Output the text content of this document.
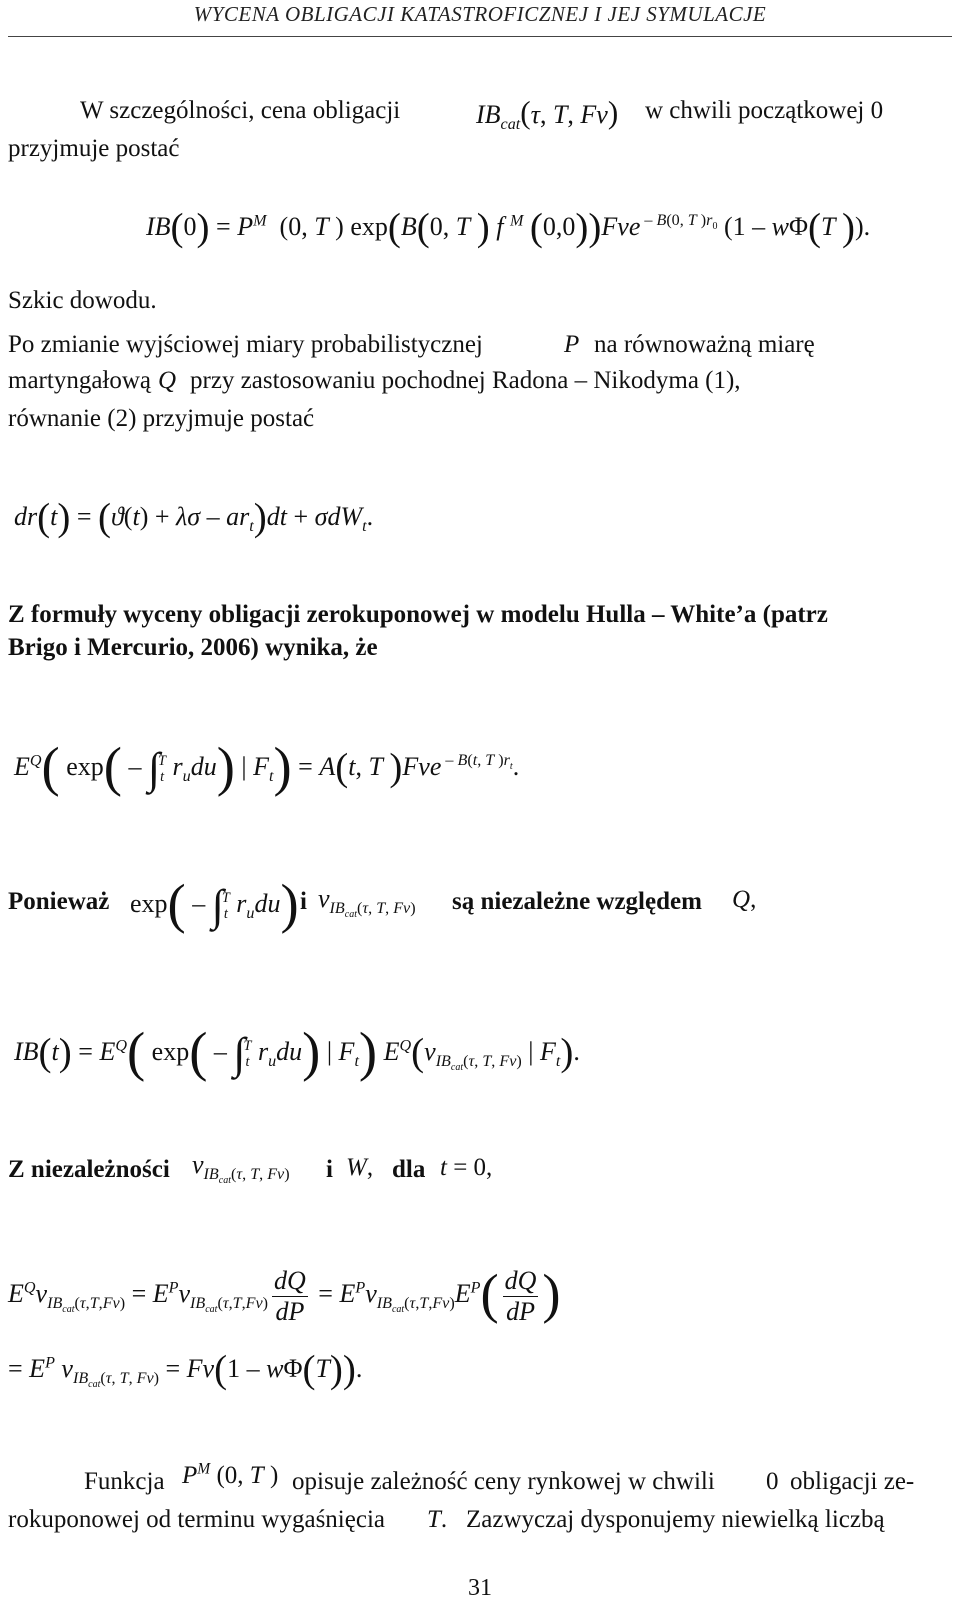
WYCENA OBLIGACJI KATASTROFICZNEJ I JEJ SYMULACJE
W szczególności, cena obligacji	$IB_{cat}(\tau$, T, Fv) w chwili początkowej 0
przyjmuje postać
$IB(0) = P^M$  (0, T ) exp(B(0, T ) f $^M$ (0,0))Fve $^{- B(0, T )r_0}$ (1 – wΦ(T )).
Szkic dowodu.
Po zmianie wyjściowej miary probabilistycznej	P na równoważną miarę
martyngałową Q przy zastosowaniu pochodnej Radona – Nikodyma (1),
równanie (2) przyjmuje postać
$dr(t) = (ϑ(t) + \lambda\sigma - ar_t)dt + \sigma dW_t$.
Z formuły wyceny obligacji zerokuponowej w modelu Hulla – White’a (patrz
Brigo i Mercurio, 2006) wynika, że
$E^Q$( $\exp( - \int_t^T$ $r_udu$) | $F_t) = A(t$, T )Fve $^{- B(t, T )r_t}$.
Ponieważ $\exp( - \int_t^T$ $r_udu$) i $v_{IB_{cat}(\tau, T, Fv)}$ są niezależne względem Q,
$IB(t) = E^Q$( $\exp( - \int_t^T$ $r_udu$) | $F_t$) $E^Q(v_{IB_{cat}(\tau, T, Fv)}$ | $F_t$).
Z niezależności $v_{IB_{cat}(\tau, T, Fv)}$ i W, dla t = 0,
$E^Qv_{IB_{cat}(\tau,T,Fv)} = E^Pv_{IB_{cat}(\tau,T,Fv)} \frac{dQ}{dP} = E^Pv_{IB_{cat}(\tau,T,Fv)}E^P( \frac{dQ}{dP}$ )
= $E^P$ $v_{IB_{cat}(\tau, T, Fv)} = Fv(1 - w\Phi(T))$.
Funkcja $P^M$ (0, T ) opisuje zależność ceny rynkowej w chwili 0 obligacji ze-
rokuponowej od terminu wygaśnięcia T. Zazwyczaj dysponujemy niewielką liczbą
31
